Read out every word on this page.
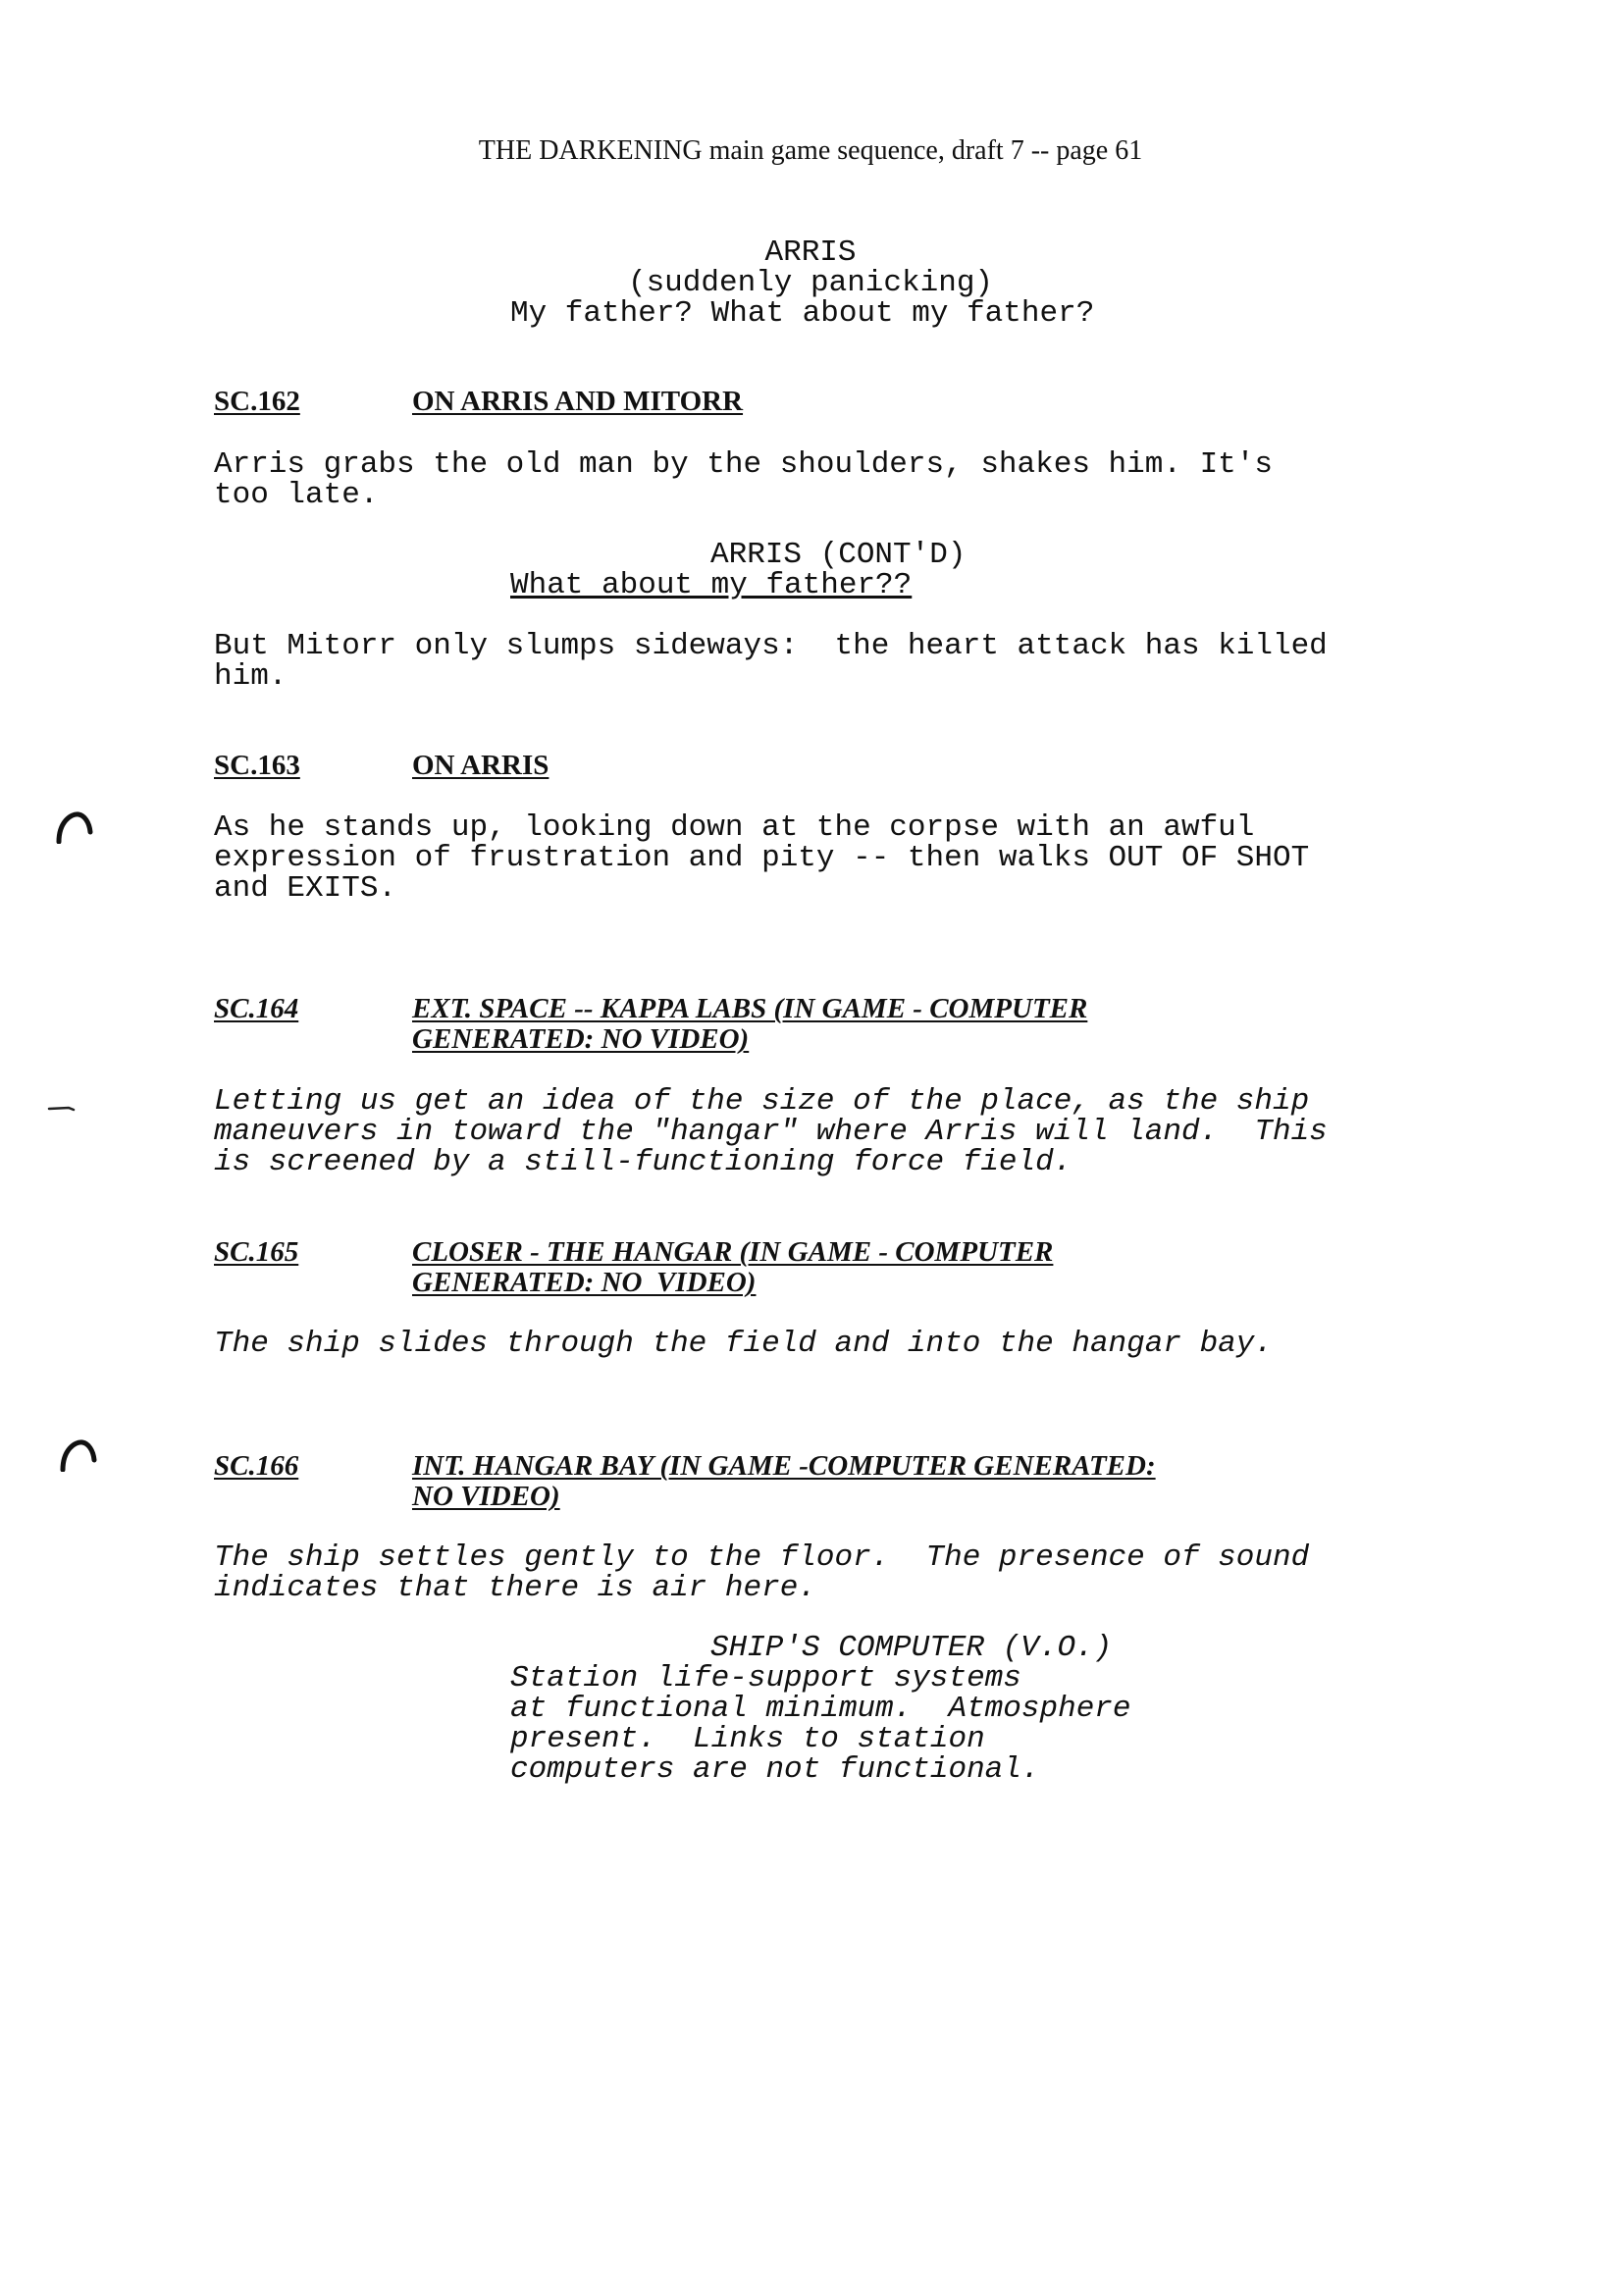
THE DARKENING main game sequence, draft 7 -- page 61
ARRIS
(suddenly panicking)
My father? What about my father?
SC.162	ON ARRIS AND MITORR
Arris grabs the old man by the shoulders, shakes him. It's
too late.
ARRIS (CONT'D)
What about my father??
But Mitorr only slumps sideways:  the heart attack has killed
him.
SC.163	ON ARRIS
As he stands up, looking down at the corpse with an awful
expression of frustration and pity -- then walks OUT OF SHOT
and EXITS.
SC.164	EXT. SPACE -- KAPPA LABS (IN GAME - COMPUTER
GENERATED: NO VIDEO)
Letting us get an idea of the size of the place, as the ship
maneuvers in toward the "hangar" where Arris will land.  This
is screened by a still-functioning force field.
SC.165	CLOSER - THE HANGAR (IN GAME - COMPUTER
GENERATED: NO  VIDEO)
The ship slides through the field and into the hangar bay.
SC.166	INT. HANGAR BAY (IN GAME -COMPUTER GENERATED:
NO VIDEO)
The ship settles gently to the floor.  The presence of sound
indicates that there is air here.
SHIP'S COMPUTER (V.O.)
Station life-support systems
at functional minimum.  Atmosphere
present.  Links to station
computers are not functional.
